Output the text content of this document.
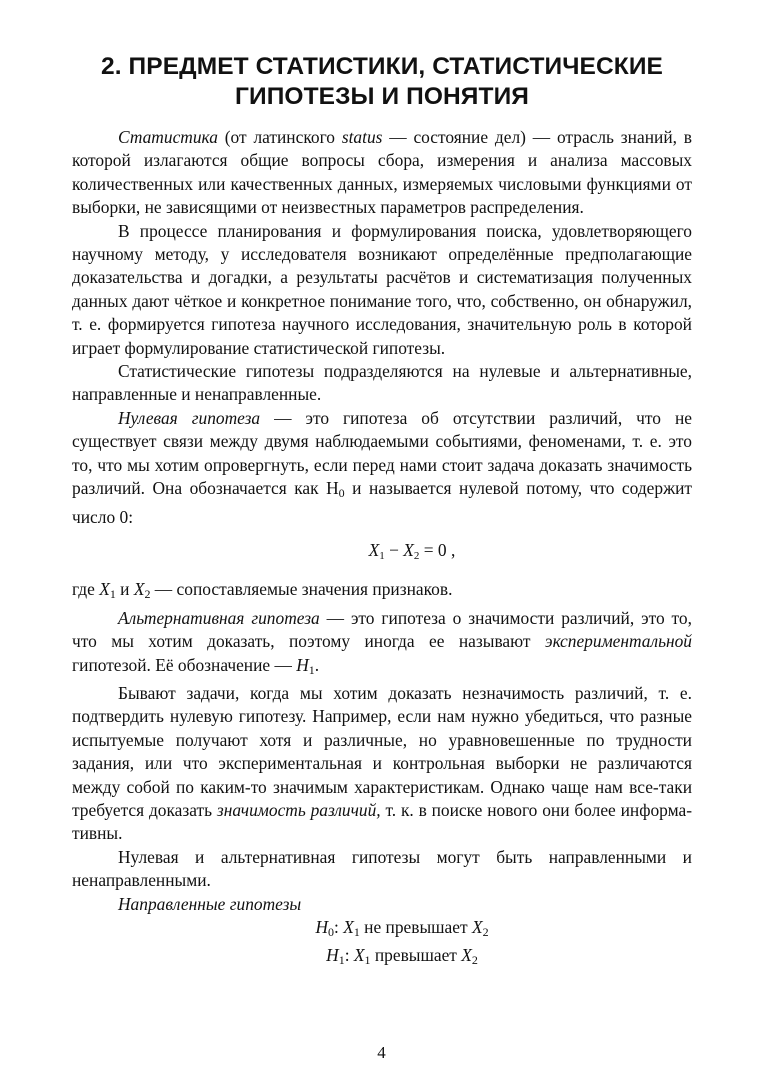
2. ПРЕДМЕТ СТАТИСТИКИ, СТАТИСТИЧЕСКИЕ
ГИПОТЕЗЫ И ПОНЯТИЯ

Статистика (от латинского status — состояние дел) — отрасль знаний, в которой излагаются общие вопросы сбора, измерения и анализа массовых количественных или качественных данных, измеряемых числовыми функциями от выборки, не зависящими от неизвестных параметров распределения.

В процессе планирования и формулирования поиска, удовлетворяющего научному методу, у исследователя возникают определённые предполагающие доказательства и догадки, а результаты расчётов и систематизация полученных данных дают чёткое и конкретное понимание того, что, собственно, он обнаружил, т. е. формируется гипотеза научного исследования, значительную роль в которой играет формулирование статистической гипотезы.

Статистические гипотезы подразделяются на нулевые и альтернативные, направленные и ненаправленные.

Нулевая гипотеза — это гипотеза об отсутствии различий, что не существует связи между двумя наблюдаемыми событиями, феноменами, т. е. это то, что мы хотим опровергнуть, если перед нами стоит задача доказать значимость различий. Она обозначается как H0 и называется нулевой потому, что содержит число 0:

$X_1 - X_2 = 0$ ,

где X1 и X2 — сопоставляемые значения признаков.

Альтернативная гипотеза — это гипотеза о значимости различий, это то, что мы хотим доказать, поэтому иногда ее называют экспериментальной гипотезой. Её обозначение — H1.

Бывают задачи, когда мы хотим доказать незначимость различий, т. е. подтвердить нулевую гипотезу. Например, если нам нужно убедиться, что разные испытуемые получают хотя и различные, но уравновешенные по трудности задания, или что экспериментальная и контрольная выборки не различаются между собой по каким-то значимым характеристикам. Однако чаще нам все-таки требуется доказать значимость различий, т. к. в поиске нового они более информативны.

Нулевая и альтернативная гипотезы могут быть направленными и ненаправленными.

Направленные гипотезы

H0: X1 не превышает X2

H1: X1 превышает X2

4
